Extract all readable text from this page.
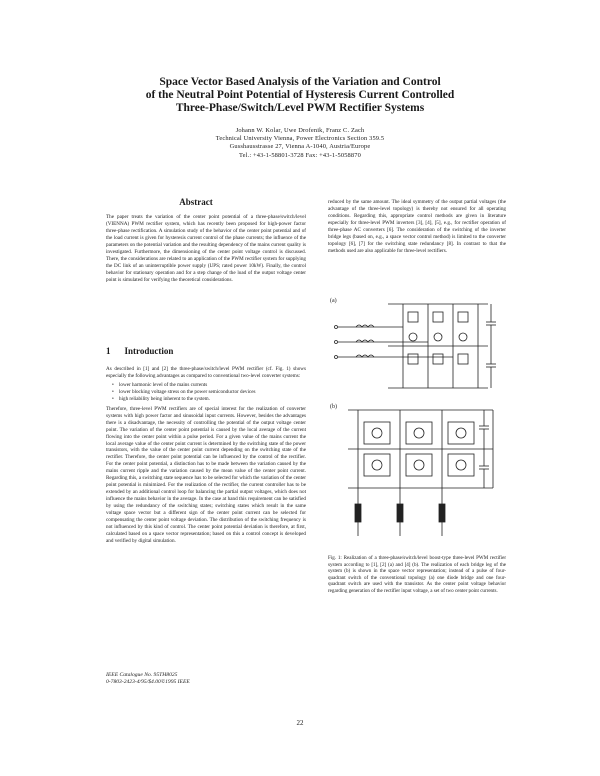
Space Vector Based Analysis of the Variation and Control
of the Neutral Point Potential of Hysteresis Current Controlled
Three-Phase/Switch/Level PWM Rectifier Systems
Johann W. Kolar, Uwe Drofenik, Franz C. Zach
Technical University Vienna, Power Electronics Section 359.5
Gusshausstrasse 27, Vienna A-1040, Austria/Europe
Tel.: +43-1-58801-3728 Fax: +43-1-5058870
Abstract

The paper treats the variation of the center point potential of a three-phase/switch/level (VIENNA) PWM rectifier system, which has recently been proposed for high-power factor three-phase rectification. A simulation study of the behavior of the center point potential and of the load current is given for hysteresis current control of the phase currents; the influence of the parameters on the potential variation and the resulting dependency of the mains current quality is investigated. Furthermore, the dimensioning of the center point voltage control is discussed. There, the considerations are related to an application of the PWM rectifier system for supplying the DC link of an uninterruptible power supply (UPS; rated power 10kW). Finally, the control behavior for stationary operation and for a step change of the load of the output voltage center point is simulated for verifying the theoretical considerations.

1 Introduction

As described in [1] and [2] the three-phase/switch/level PWM rectifier (cf. Fig. 1) shows especially the following advantages as compared to conventional two-level converter systems:

• lower harmonic level of the mains currents
• lower blocking voltage stress on the power semiconductor devices
• high reliability being inherent to the system.

Therefore, three-level PWM rectifiers are of special interest for the realization of converter systems with high power factor and sinusoidal input currents. However, besides the advantages there is a disadvantage, the necessity of controlling the potential of the output voltage center point. The variation of the center point potential is caused by the local average of the current flowing into the center point within a pulse period. For a given value of the mains current the local average value of the center point current is determined by the switching state of the power transistors, with the value of the center point current depending on the switching state of the rectifier. Therefore, the center point potential can be influenced by the control of the rectifier. For the center point potential, a distinction has to be made between the variation caused by the mains current ripple and the variation caused by the mean value of the center point current. Regarding this, a switching state sequence has to be selected for which the variation of the center point potential is minimized. For the realization of the rectifier, the current controller has to be extended by an additional control loop for balancing the partial output voltages, which does not influence the mains behavior in the average. In the case at hand this requirement can be satisfied by using the redundancy of the switching states; switching states which result in the same voltage space vector but a different sign of the center point current can be selected for compensating the center point voltage deviation. The distribution of the switching frequency is not influenced by this kind of control. The center point potential deviation is therefore, at first, calculated based on a space vector representation; based on this a control concept is developed and verified by digital simulation.

reduced by the same amount. The ideal symmetry of the output partial voltages (the advantage of the three-level topology) is thereby not ensured for all operating conditions. Regarding this, appropriate control methods are given in literature especially for three-level PWM inverters [3], [4], [5], e.g., for rectifier operation of three-phase AC converters [6]. The consideration of the switching of the inverter bridge legs (based on, e.g., a space vector control method) is limited to the converter topology [6], [7] for the switching state redundancy [8]. In contrast to that the methods used are also applicable for three-level rectifiers.

(a)
(b)

Fig. 1: Realization of a three-phase/switch/level boost-type three-level PWM rectifier system according to [1], [2] (a) and [4] (b). The realization of each bridge leg of the system (b) is shown in the space vector representation; instead of a pulse of four-quadrant switch of the conventional topology (a) one diode bridge and one four-quadrant switch are used with the transistor. As the center point voltage behavior regarding generation of the rectifier input voltage, a set of two center point currents.

IEEE Catalogue No. 95TH8025
0-7803-2423-4/95/$4.00©1995 IEEE
22
